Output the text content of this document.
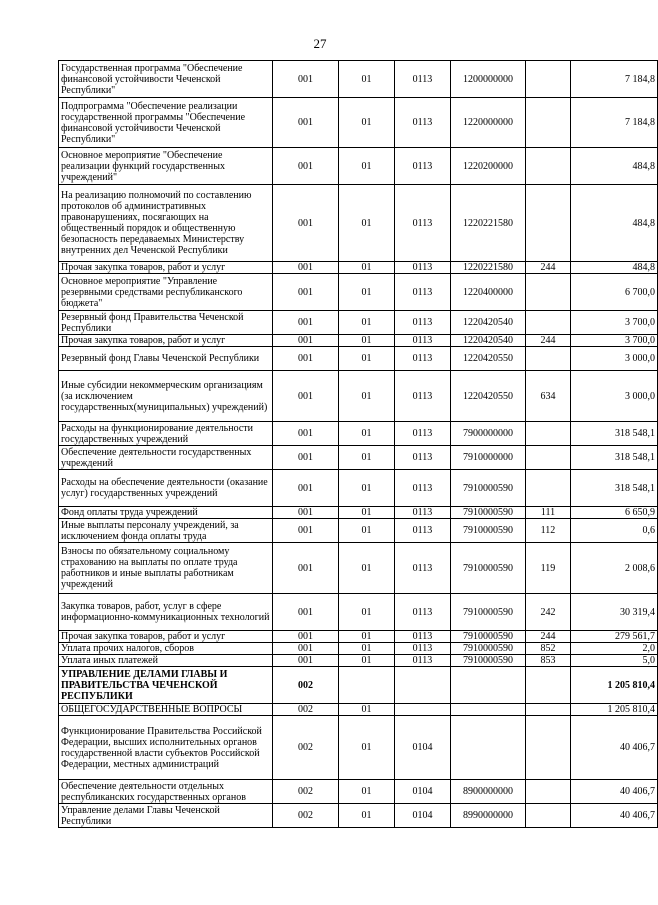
27
Государственная программа "Обеспечение финансовой устойчивости Чеченской Республики"	001	01	0113	1200000000		7 184,8
Подпрограмма "Обеспечение реализации государственной программы "Обеспечение финансовой устойчивости Чеченской Республики"	001	01	0113	1220000000		7 184,8
Основное мероприятие "Обеспечение реализации функций государственных учреждений"	001	01	0113	1220200000		484,8
На реализацию полномочий по составлению протоколов об административных правонарушениях, посягающих на общественный порядок и общественную безопасность передаваемых Министерству внутренних дел Чеченской Республики	001	01	0113	1220221580		484,8
Прочая закупка товаров, работ и услуг	001	01	0113	1220221580	244	484,8
Основное мероприятие "Управление резервными средствами республиканского бюджета"	001	01	0113	1220400000		6 700,0
Резервный фонд Правительства Чеченской Республики	001	01	0113	1220420540		3 700,0
Прочая закупка товаров, работ и услуг	001	01	0113	1220420540	244	3 700,0
Резервный фонд Главы Чеченской Республики	001	01	0113	1220420550		3 000,0
Иные субсидии некоммерческим организациям (за исключением государственных(муниципальных) учреждений)	001	01	0113	1220420550	634	3 000,0
Расходы на функционирование деятельности государственных учреждений	001	01	0113	7900000000		318 548,1
Обеспечение деятельности государственных учреждений	001	01	0113	7910000000		318 548,1
Расходы на обеспечение деятельности (оказание услуг) государственных учреждений	001	01	0113	7910000590		318 548,1
Фонд оплаты труда учреждений	001	01	0113	7910000590	111	6 650,9
Иные выплаты персоналу учреждений, за исключением фонда оплаты труда	001	01	0113	7910000590	112	0,6
Взносы по обязательному социальному страхованию на выплаты по оплате труда работников и иные выплаты работникам учреждений	001	01	0113	7910000590	119	2 008,6
Закупка товаров, работ, услуг в сфере информационно-коммуникационных технологий	001	01	0113	7910000590	242	30 319,4
Прочая закупка товаров, работ и услуг	001	01	0113	7910000590	244	279 561,7
Уплата прочих налогов, сборов	001	01	0113	7910000590	852	2,0
Уплата иных платежей	001	01	0113	7910000590	853	5,0
УПРАВЛЕНИЕ ДЕЛАМИ ГЛАВЫ И ПРАВИТЕЛЬСТВА ЧЕЧЕНСКОЙ РЕСПУБЛИКИ	002					1 205 810,4
ОБЩЕГОСУДАРСТВЕННЫЕ ВОПРОСЫ	002	01				1 205 810,4
Функционирование Правительства Российской Федерации, высших исполнительных органов государственной власти субъектов Российской Федерации, местных администраций	002	01	0104			40 406,7
Обеспечение деятельности отдельных республиканских государственных органов	002	01	0104	8900000000		40 406,7
Управление делами Главы Чеченской Республики	002	01	0104	8990000000		40 406,7
